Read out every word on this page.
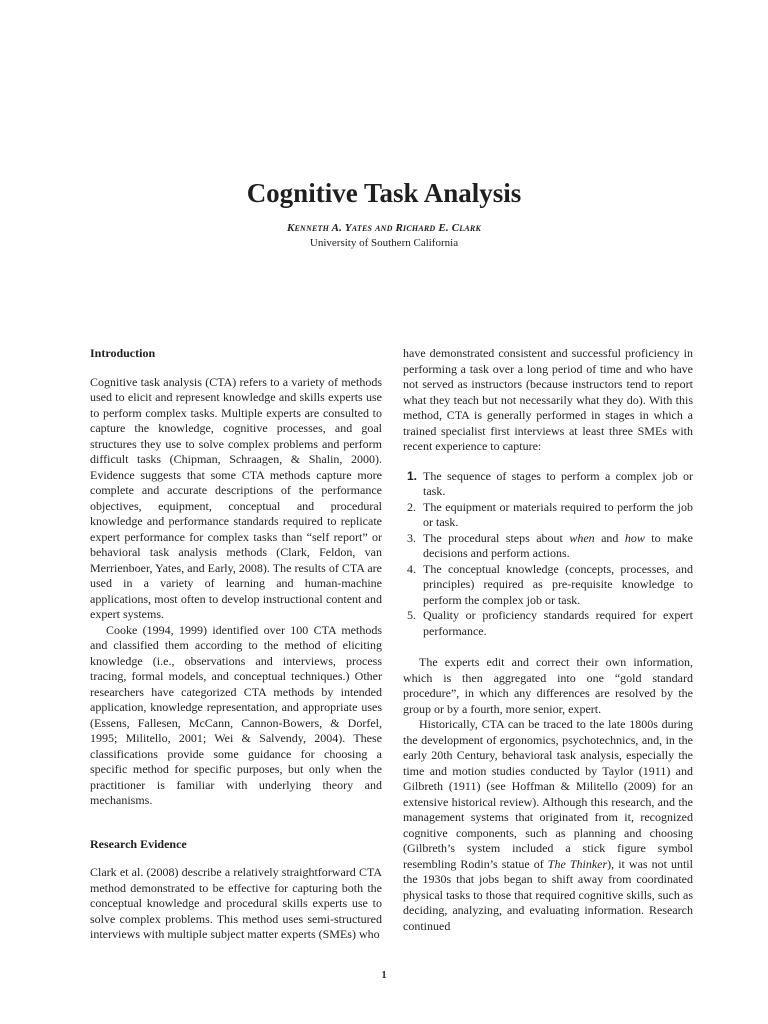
Cognitive Task Analysis
Kenneth A. Yates and Richard E. Clark
University of Southern California
Introduction

Cognitive task analysis (CTA) refers to a variety of methods used to elicit and represent knowledge and skills experts use to perform complex tasks. Multiple experts are consulted to capture the knowledge, cognitive processes, and goal structures they use to solve complex problems and perform difficult tasks (Chipman, Schraagen, & Shalin, 2000). Evidence suggests that some CTA methods capture more complete and accurate descriptions of the performance objectives, equipment, conceptual and procedural knowledge and performance standards required to replicate expert performance for complex tasks than “self report” or behavioral task analysis methods (Clark, Feldon, van Merrienboer, Yates, and Early, 2008). The results of CTA are used in a variety of learning and human-machine applications, most often to develop instructional content and expert systems.

Cooke (1994, 1999) identified over 100 CTA methods and classified them according to the method of eliciting knowledge (i.e., observations and interviews, process tracing, formal models, and conceptual techniques.) Other researchers have categorized CTA methods by intended application, knowledge representation, and appropriate uses (Essens, Fallesen, McCann, Cannon-Bowers, & Dorfel, 1995; Militello, 2001; Wei & Salvendy, 2004). These classifications provide some guidance for choosing a specific method for specific purposes, but only when the practitioner is familiar with underlying theory and mechanisms.

Research Evidence

Clark et al. (2008) describe a relatively straightforward CTA method demonstrated to be effective for capturing both the conceptual knowledge and procedural skills experts use to solve complex problems. This method uses semi-structured interviews with multiple subject matter experts (SMEs) who

have demonstrated consistent and successful proficiency in performing a task over a long period of time and who have not served as instructors (because instructors tend to report what they teach but not necessarily what they do). With this method, CTA is generally performed in stages in which a trained specialist first interviews at least three SMEs with recent experience to capture:

1. The sequence of stages to perform a complex job or task.
2. The equipment or materials required to perform the job or task.
3. The procedural steps about when and how to make decisions and perform actions.
4. The conceptual knowledge (concepts, processes, and principles) required as pre-requisite knowledge to perform the complex job or task.
5. Quality or proficiency standards required for expert performance.

The experts edit and correct their own information, which is then aggregated into one “gold standard procedure”, in which any differences are resolved by the group or by a fourth, more senior, expert.

Historically, CTA can be traced to the late 1800s during the development of ergonomics, psychotechnics, and, in the early 20th Century, behavioral task analysis, especially the time and motion studies conducted by Taylor (1911) and Gilbreth (1911) (see Hoffman & Militello (2009) for an extensive historical review). Although this research, and the management systems that originated from it, recognized cognitive components, such as planning and choosing (Gilbreth’s system included a stick figure symbol resembling Rodin’s statue of The Thinker), it was not until the 1930s that jobs began to shift away from coordinated physical tasks to those that required cognitive skills, such as deciding, analyzing, and evaluating information. Research continued

1
